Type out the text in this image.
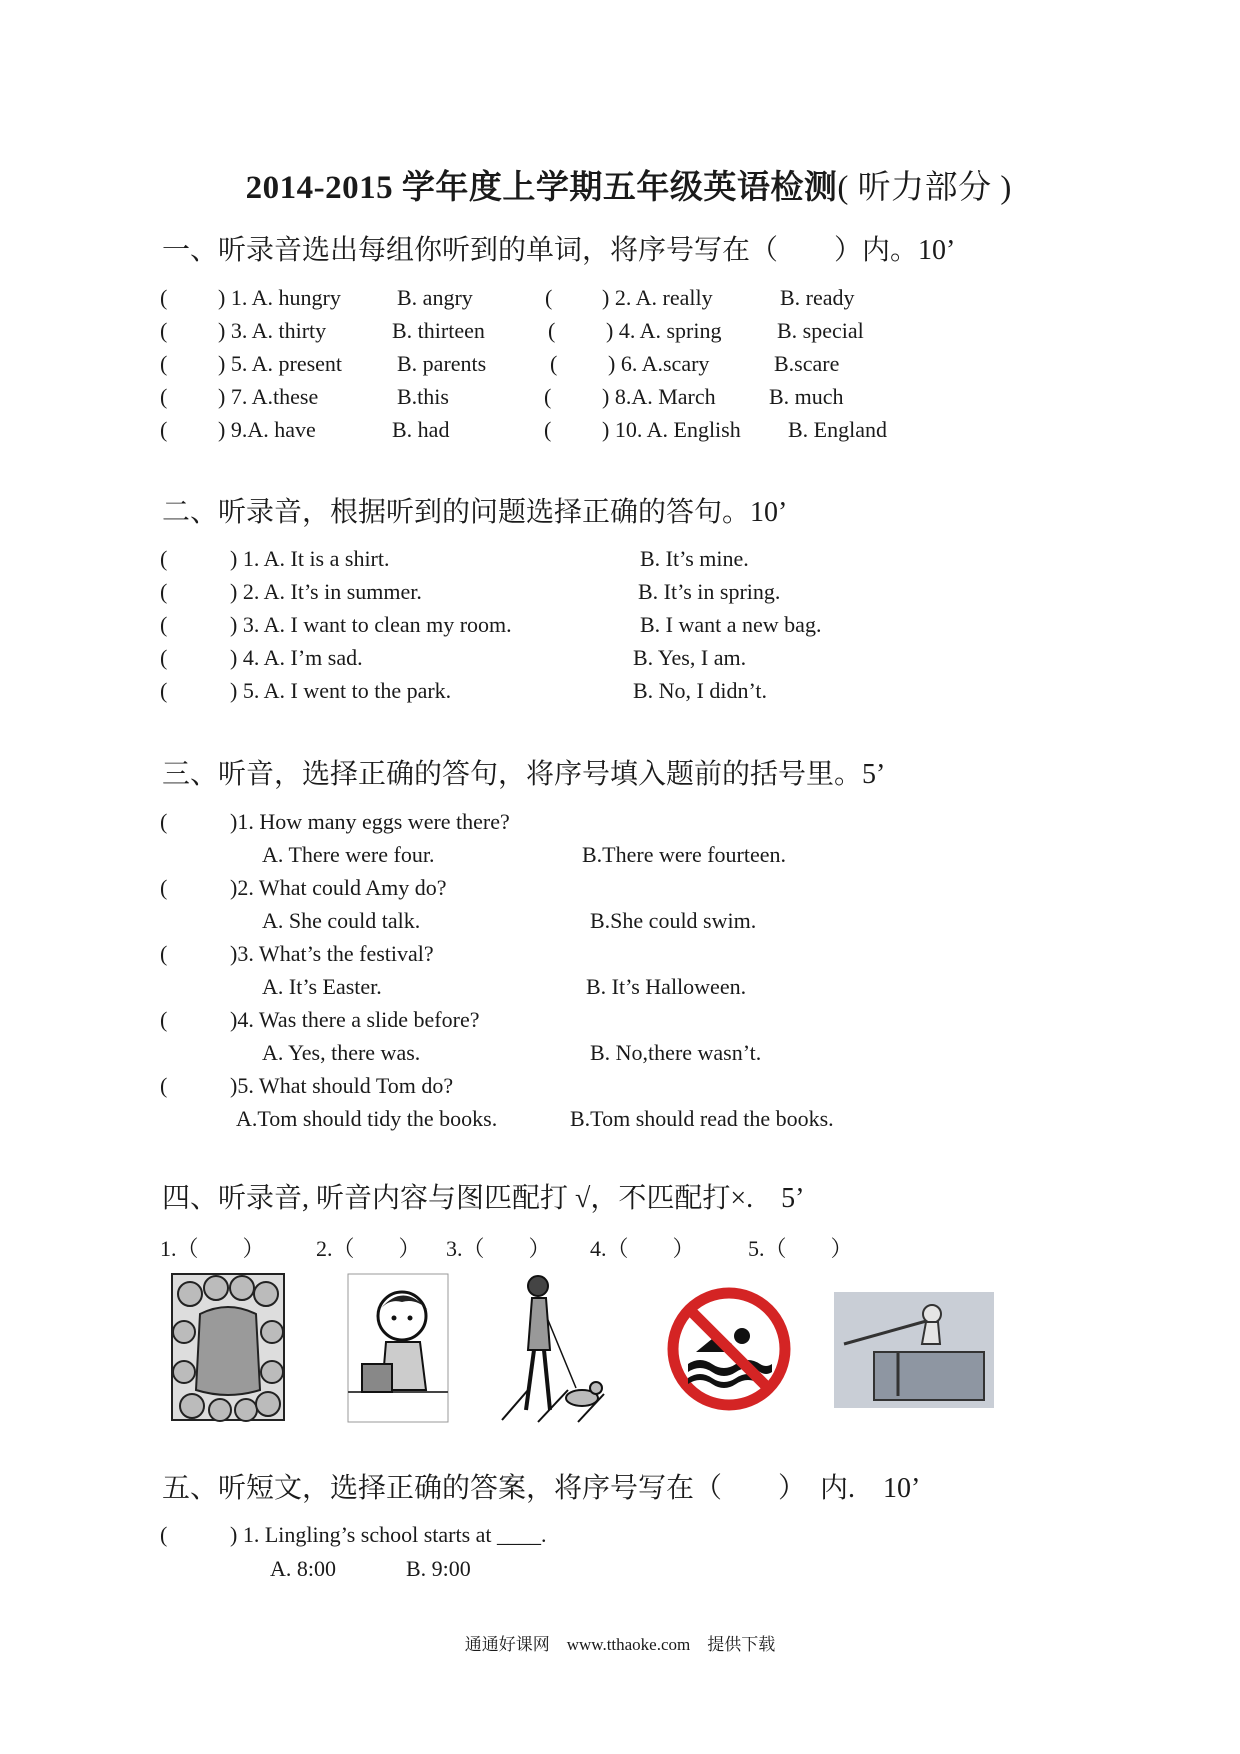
2014-2015 学年度上学期五年级英语检测( 听力部分 )

一、听录音选出每组你听到的单词，将序号写在（　　）内。10’
( ) 1. A. hungry	B. angry	( ) 2. A. really	B. ready
( ) 3. A. thirty	B. thirteen	( ) 4. A. spring	B. special
( ) 5. A. present B. parents	( ) 6. A.scary	B.scare
( ) 7. A.these	B.this	( ) 8.A. March B. much
( ) 9.A. have	B. had	( ) 10. A. English B. England
二、听录音，根据听到的问题选择正确的答句。10’
(	) 1. A. It is a shirt.	B. It’s mine.
(	) 2. A. It’s in summer.	B. It’s in spring.
(	) 3. A. I want to clean my room.	B. I want a new bag.
(	) 4. A. I’m sad.	B. Yes, I am.
(	) 5. A. I went to the park.	B. No, I didn’t.
三、听音，选择正确的答句，将序号填入题前的括号里。5’
(	)1. How many eggs were there?
A. There were four.	B.There were fourteen.
(	)2. What could Amy do?
A. She could talk.	B.She could swim.
(	)3. What’s the festival?
A. It’s Easter.	B. It’s Halloween.
(	)4. Was there a slide before?
A. Yes, there was.	B. No,there wasn’t.
(	)5. What should Tom do?
A.Tom should tidy the books.	B.Tom should read the books.
四、听录音, 听音内容与图匹配打 √，不匹配打×.　5’
1.（　　） 2.（　　） 3.（　　） 4.（　　） 5.（　　）
五、听短文，选择正确的答案，将序号写在（　　）　内.　10’
(	) 1. Lingling’s school starts at ____.
A. 8:00	B. 9:00
通通好课网　www.tthaoke.com　提供下载
